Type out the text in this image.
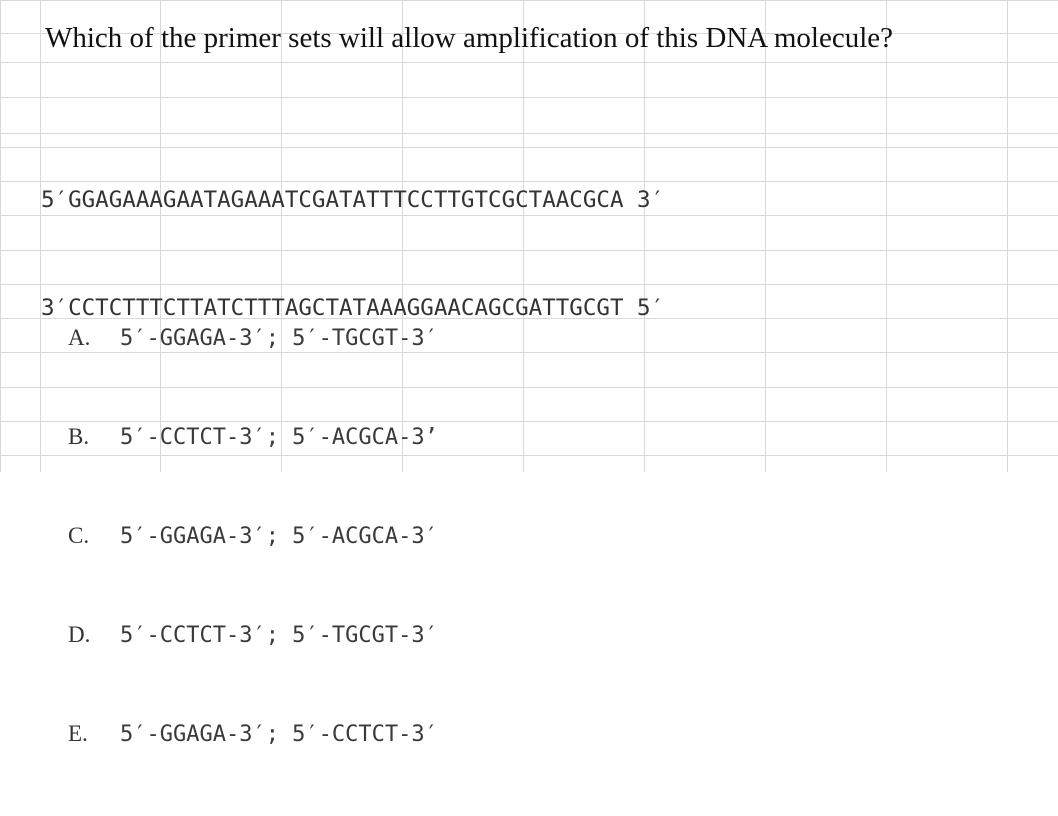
Which of the primer sets will allow amplification of this DNA molecule?

5′GGAGAAAGAATAGAAATCGATATTTCCTTGTCGCTAACGCA 3′

3′CCTCTTTCTTATCTTTAGCTATAAAGGAACAGCGATTGCGT 5′

A.	5′-GGAGA-3′; 5′-TGCGT-3′

B.	5′-CCTCT-3′; 5′-ACGCA-3’

C.	5′-GGAGA-3′; 5′-ACGCA-3′

D.	5′-CCTCT-3′; 5′-TGCGT-3′

E.	5′-GGAGA-3′; 5′-CCTCT-3′
